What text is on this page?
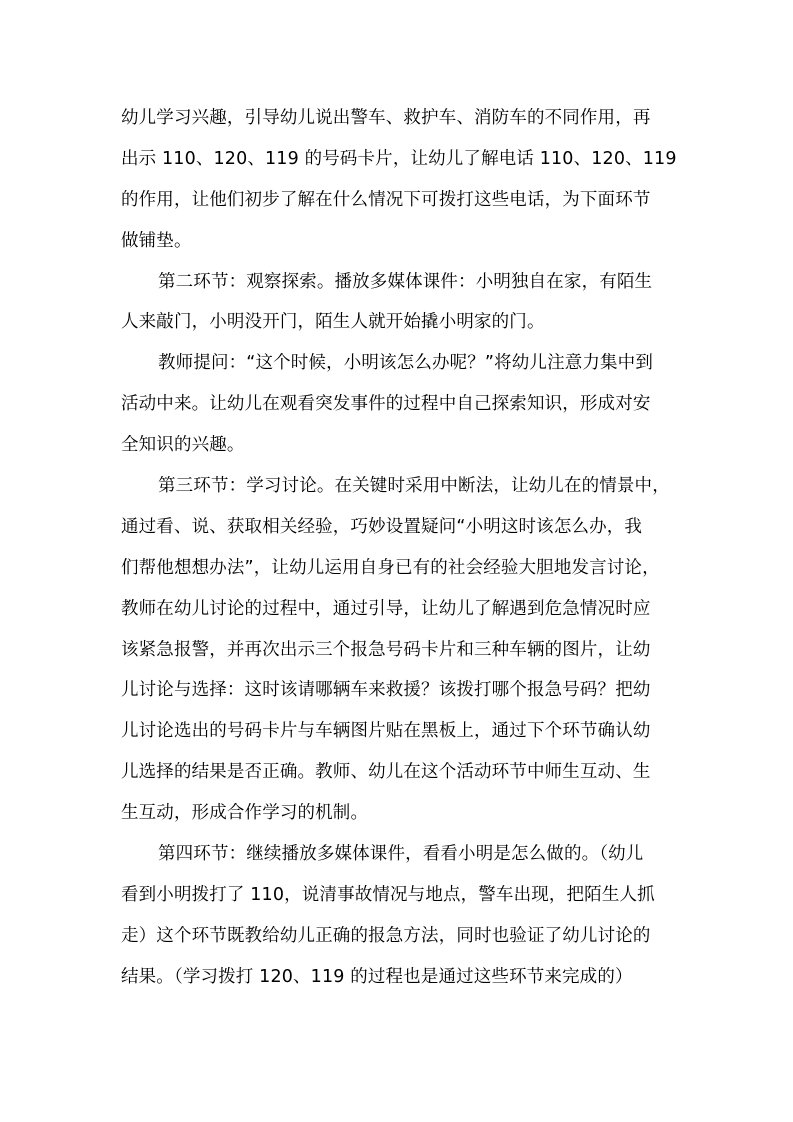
幼儿学习兴趣，引导幼儿说出警车、救护车、消防车的不同作用，再
出示 110、120、119 的号码卡片，让幼儿了解电话 110、120、119
的作用，让他们初步了解在什么情况下可拨打这些电话，为下面环节
做铺垫。
第二环节：观察探索。播放多媒体课件：小明独自在家，有陌生
人来敲门，小明没开门，陌生人就开始撬小明家的门。
教师提问：“这个时候，小明该怎么办呢？”将幼儿注意力集中到
活动中来。让幼儿在观看突发事件的过程中自己探索知识，形成对安
全知识的兴趣。
第三环节：学习讨论。在关键时采用中断法，让幼儿在的情景中，
通过看、说、获取相关经验，巧妙设置疑问“小明这时该怎么办，我
们帮他想想办法”，让幼儿运用自身已有的社会经验大胆地发言讨论，
教师在幼儿讨论的过程中，通过引导，让幼儿了解遇到危急情况时应
该紧急报警，并再次出示三个报急号码卡片和三种车辆的图片，让幼
儿讨论与选择：这时该请哪辆车来救援？该拨打哪个报急号码？把幼
儿讨论选出的号码卡片与车辆图片贴在黑板上，通过下个环节确认幼
儿选择的结果是否正确。教师、幼儿在这个活动环节中师生互动、生
生互动，形成合作学习的机制。
第四环节：继续播放多媒体课件，看看小明是怎么做的。（幼儿
看到小明拨打了 110，说清事故情况与地点，警车出现，把陌生人抓
走）这个环节既教给幼儿正确的报急方法，同时也验证了幼儿讨论的
结果。（学习拨打 120、119 的过程也是通过这些环节来完成的）
